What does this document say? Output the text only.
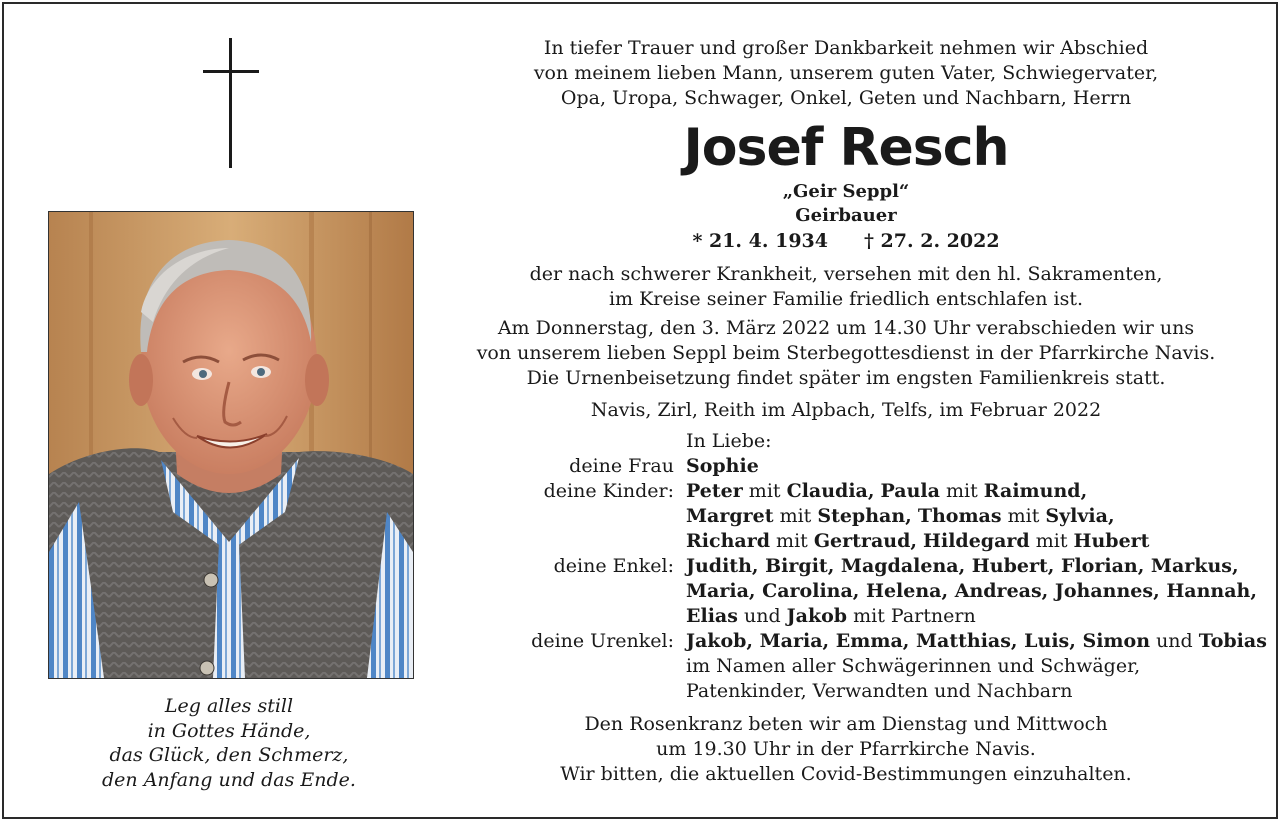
Leg alles still
in Gottes Hände,
das Glück, den Schmerz,
den Anfang und das Ende.
In tiefer Trauer und großer Dankbarkeit nehmen wir Abschied
von meinem lieben Mann, unserem guten Vater, Schwiegervater,
Opa, Uropa, Schwager, Onkel, Geten und Nachbarn, Herrn
Josef Resch
„Geir Seppl“
Geirbauer
* 21. 4. 1934 † 27. 2. 2022
der nach schwerer Krankheit, versehen mit den hl. Sakramenten,
im Kreise seiner Familie friedlich entschlafen ist.
Am Donnerstag, den 3. März 2022 um 14.30 Uhr verabschieden wir uns
von unserem lieben Seppl beim Sterbegottesdienst in der Pfarrkirche Navis.
Die Urnenbeisetzung findet später im engsten Familienkreis statt.
Navis, Zirl, Reith im Alpbach, Telfs, im Februar 2022
In Liebe:
deine Frau Sophie
deine Kinder: Peter mit Claudia, Paula mit Raimund,
Margret mit Stephan, Thomas mit Sylvia,
Richard mit Gertraud, Hildegard mit Hubert
deine Enkel: Judith, Birgit, Magdalena, Hubert, Florian, Markus,
Maria, Carolina, Helena, Andreas, Johannes, Hannah,
Elias und Jakob mit Partnern
deine Urenkel: Jakob, Maria, Emma, Matthias, Luis, Simon und Tobias
im Namen aller Schwägerinnen und Schwäger,
Patenkinder, Verwandten und Nachbarn
Den Rosenkranz beten wir am Dienstag und Mittwoch
um 19.30 Uhr in der Pfarrkirche Navis.
Wir bitten, die aktuellen Covid-Bestimmungen einzuhalten.
